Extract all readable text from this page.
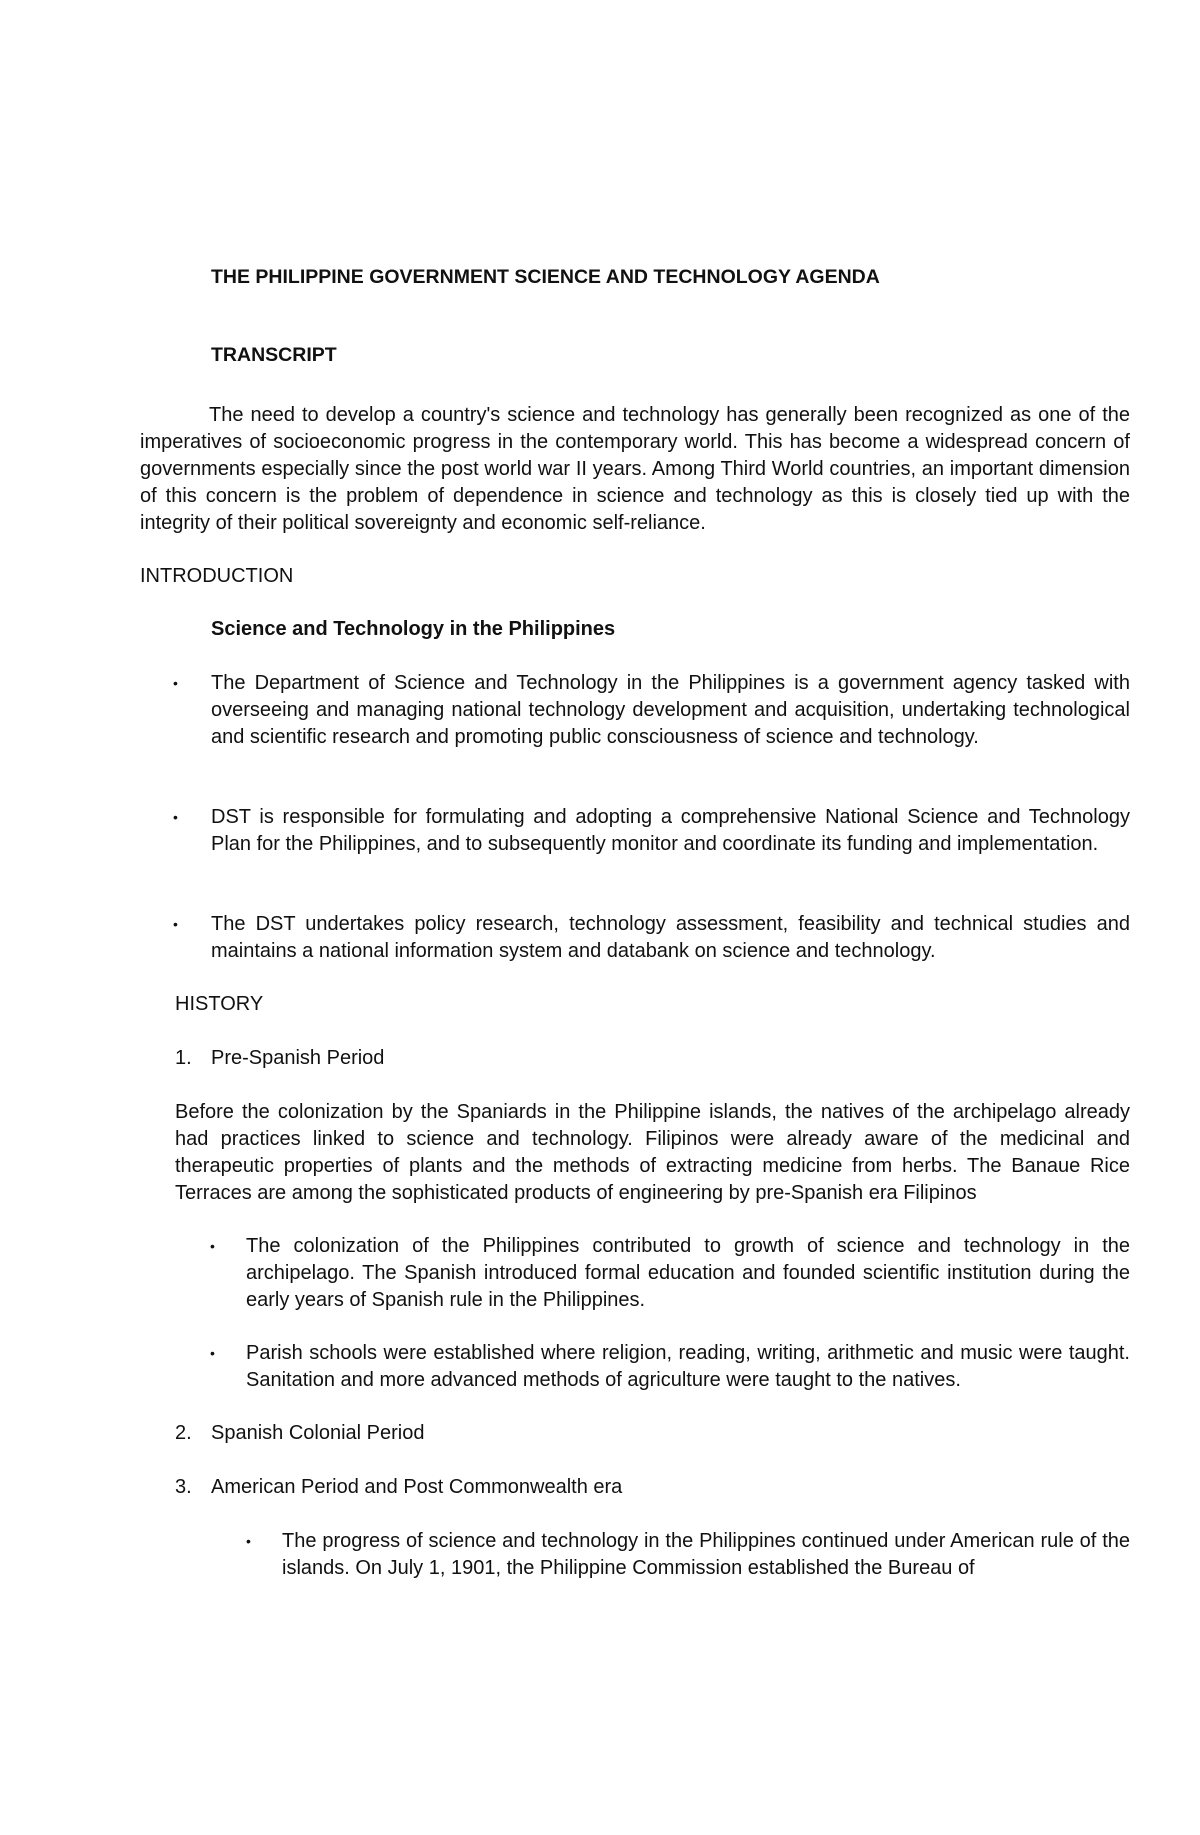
THE PHILIPPINE GOVERNMENT SCIENCE AND TECHNOLOGY AGENDA
TRANSCRIPT

The need to develop a country's science and technology has generally been recognized as one of the imperatives of socioeconomic progress in the contemporary world. This has become a widespread concern of governments especially since the post world war II years. Among Third World countries, an important dimension of this concern is the problem of dependence in science and technology as this is closely tied up with the integrity of their political sovereignty and economic self-reliance.

INTRODUCTION
Science and Technology in the Philippines
• The Department of Science and Technology in the Philippines is a government agency tasked with overseeing and managing national technology development and acquisition, undertaking technological and scientific research and promoting public consciousness of science and technology.

• DST is responsible for formulating and adopting a comprehensive National Science and Technology Plan for the Philippines, and to subsequently monitor and coordinate its funding and implementation.

• The DST undertakes policy research, technology assessment, feasibility and technical studies and maintains a national information system and databank on science and technology.

HISTORY
1. Pre-Spanish Period

Before the colonization by the Spaniards in the Philippine islands, the natives of the archipelago already had practices linked to science and technology. Filipinos were already aware of the medicinal and therapeutic properties of plants and the methods of extracting medicine from herbs. The Banaue Rice Terraces are among the sophisticated products of engineering by pre-Spanish era Filipinos

• The colonization of the Philippines contributed to growth of science and technology in the archipelago. The Spanish introduced formal education and founded scientific institution during the early years of Spanish rule in the Philippines.

• Parish schools were established where religion, reading, writing, arithmetic and music were taught. Sanitation and more advanced methods of agriculture were taught to the natives.

2. Spanish Colonial Period
3. American Period and Post Commonwealth era
• The progress of science and technology in the Philippines continued under American rule of the islands. On July 1, 1901, the Philippine Commission established the Bureau of
